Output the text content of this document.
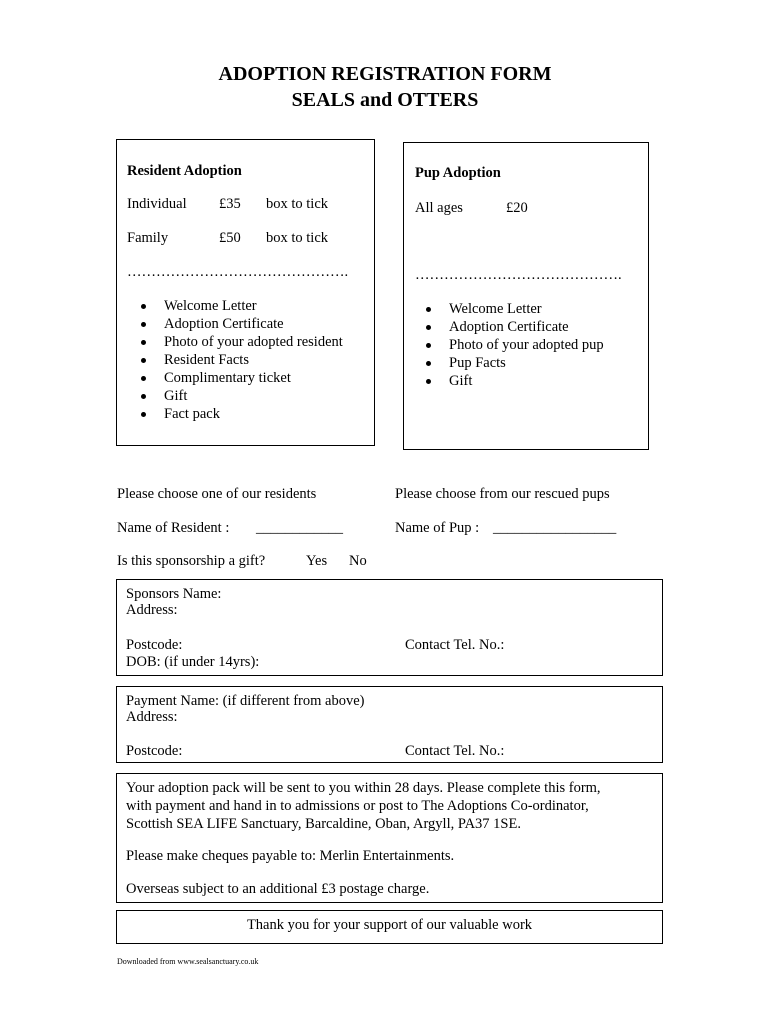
ADOPTION REGISTRATION FORM
SEALS and OTTERS
Resident Adoption
Individual £35 box to tick
Family	£50 box to tick
……………………………………….
Welcome Letter
Adoption Certificate
Photo of your adopted resident
Resident Facts
Complimentary ticket
Gift
Fact pack
Pup Adoption
All ages	£20
…………………………………….
Welcome Letter
Adoption Certificate
Photo of your adopted pup
Pup Facts
Gift
Please choose one of our residents	Please choose from our rescued pups
Name of Resident : ____________	Name of Pup : _________________
Is this sponsorship a gift?	Yes No
Sponsors Name:
Address:
Postcode:	Contact Tel. No.:
DOB: (if under 14yrs):
Payment Name: (if different from above)
Address:
Postcode:	Contact Tel. No.:
Your adoption pack will be sent to you within 28 days. Please complete this form,
with payment and hand in to admissions or post to The Adoptions Co-ordinator,
Scottish SEA LIFE Sanctuary, Barcaldine, Oban, Argyll, PA37 1SE.
Please make cheques payable to: Merlin Entertainments.
Overseas subject to an additional £3 postage charge.
Thank you for your support of our valuable work
Downloaded from www.sealsanctuary.co.uk
